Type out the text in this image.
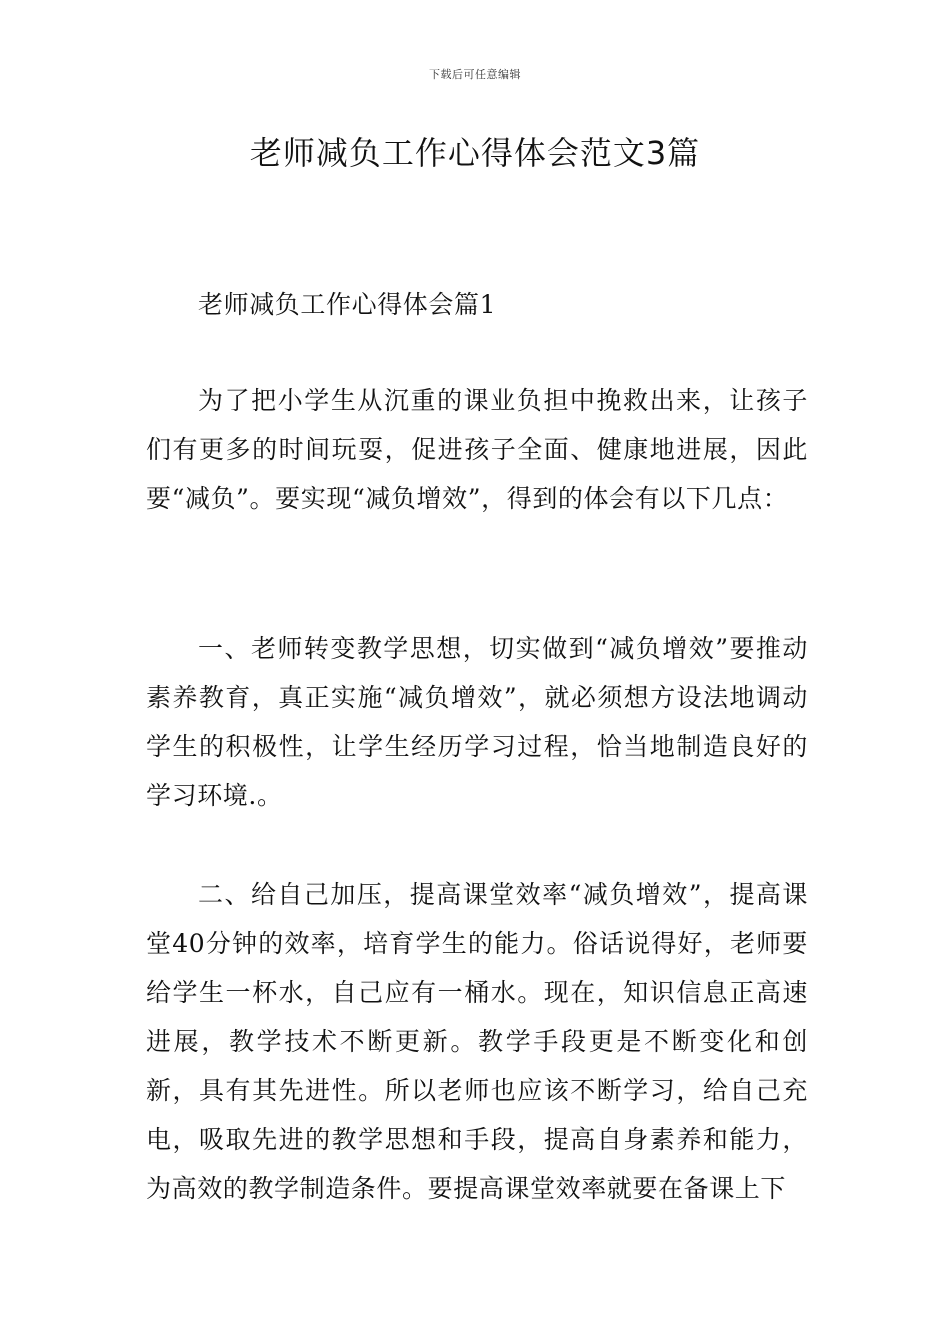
下载后可任意编辑
老师减负工作心得体会范文3篇

老师减负工作心得体会篇1

为了把小学生从沉重的课业负担中挽救出来，让孩子们有更多的时间玩耍，促进孩子全面、健康地进展，因此要“减负”。要实现“减负增效”，得到的体会有以下几点：

一、老师转变教学思想，切实做到“减负增效”要推动素养教育，真正实施“减负增效”，就必须想方设法地调动学生的积极性，让学生经历学习过程，恰当地制造良好的学习环境.。

二、给自己加压，提高课堂效率“减负增效”，提高课堂40分钟的效率，培育学生的能力。俗话说得好，老师要给学生一杯水，自己应有一桶水。现在，知识信息正高速进展，教学技术不断更新。教学手段更是不断变化和创新，具有其先进性。所以老师也应该不断学习，给自己充电，吸取先进的教学思想和手段，提高自身素养和能力，为高效的教学制造条件。要提高课堂效率就要在备课上下
